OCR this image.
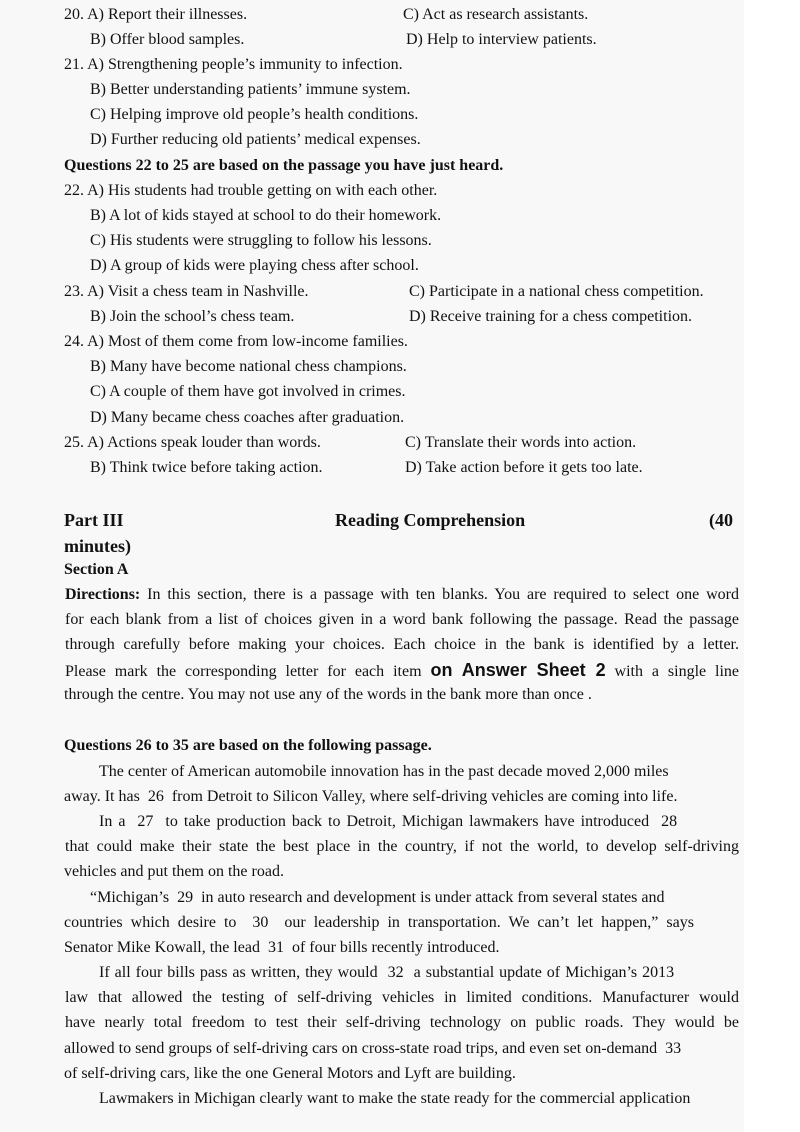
20. A) Report their illnesses.	C) Act as research assistants.
B) Offer blood samples.	D) Help to interview patients.
21. A) Strengthening people’s immunity to infection.
B) Better understanding patients’ immune system.
C) Helping improve old people’s health conditions.
D) Further reducing old patients’ medical expenses.
Questions 22 to 25 are based on the passage you have just heard.
22. A) His students had trouble getting on with each other.
B) A lot of kids stayed at school to do their homework.
C) His students were struggling to follow his lessons.
D) A group of kids were playing chess after school.
23. A) Visit a chess team in Nashville.	C) Participate in a national chess competition.
B) Join the school’s chess team.	D) Receive training for a chess competition.
24. A) Most of them come from low-income families.
B) Many have become national chess champions.
C) A couple of them have got involved in crimes.
D) Many became chess coaches after graduation.
25. A) Actions speak louder than words.	C) Translate their words into action.
B) Think twice before taking action.	D) Take action before it gets too late.
Part III	Reading Comprehension	(40
minutes)
Section A
Directions: In this section, there is a passage with ten blanks. You are required to select one word
for each blank from a list of choices given in a word bank following the passage. Read the passage
through carefully before making your choices. Each choice in the bank is identified by a letter.
Please mark the corresponding letter for each item on Answer Sheet 2 with a single line
through the centre. You may not use any of the words in the bank more than once .
Questions 26 to 35 are based on the following passage.
The center of American automobile innovation has in the past decade moved 2,000 miles
away. It has  26  from Detroit to Silicon Valley, where self-driving vehicles are coming into life.
In a  27  to take production back to Detroit, Michigan lawmakers have introduced  28
that could make their state the best place in the country, if not the world, to develop self-driving
vehicles and put them on the road.
“Michigan’s  29  in auto research and development is under attack from several states and
countries which desire to  30  our leadership in transportation. We can’t let happen,” says
Senator Mike Kowall, the lead  31  of four bills recently introduced.
If all four bills pass as written, they would  32  a substantial update of Michigan’s 2013
law that allowed the testing of self-driving vehicles in limited conditions. Manufacturer would
have nearly total freedom to test their self-driving technology on public roads. They would be
allowed to send groups of self-driving cars on cross-state road trips, and even set on-demand  33
of self-driving cars, like the one General Motors and Lyft are building.
Lawmakers in Michigan clearly want to make the state ready for the commercial application
